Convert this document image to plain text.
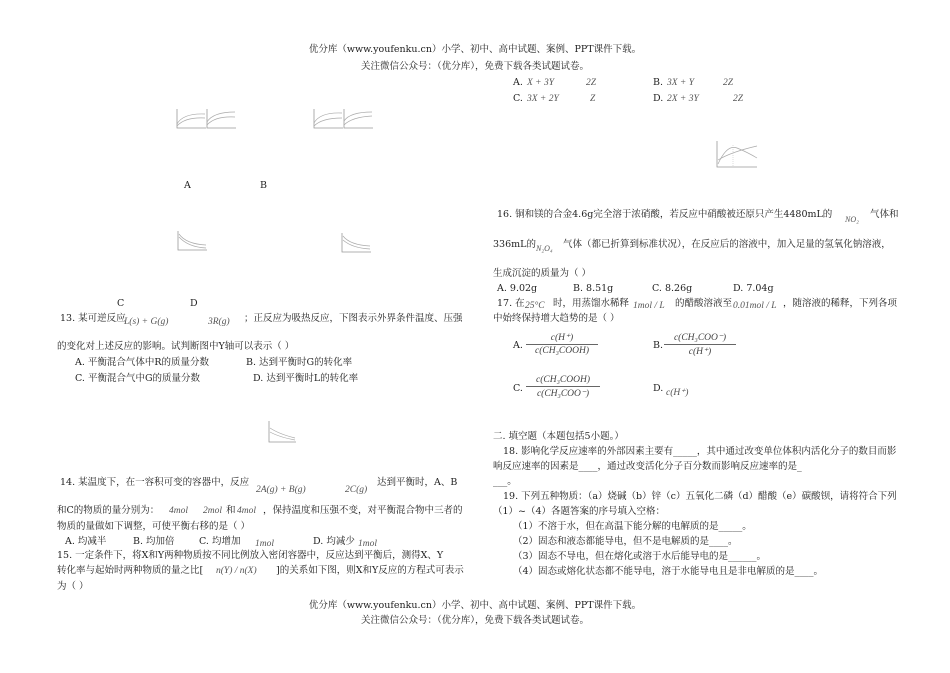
优分库（www.youfenku.cn）小学、初中、高中试题、案例、PPT课件下载。
关注微信公众号：（优分库），免费下载各类试题试卷。
A	B
C	D
13. 某可逆反应
L(s) + G(g)	3R(g) ；正反应为吸热反应，下图表示外界条件温度、压强
的变化对上述反应的影响。试判断图中Y轴可以表示（ ）
A. 平衡混合气体中R的质量分数	B. 达到平衡时G的转化率
C. 平衡混合气中G的质量分数	D. 达到平衡时L的转化率
14. 某温度下，在一容积可变的容器中，反应
2A(g) + B(g)	2C(g)
达到平衡时，A、B
和C的物质的量分别为： 4mol 2mol 和 4mol ，保持温度和压强不变，对平衡混合物中三者的
物质的量做如下调整，可使平衡右移的是（ ）
A. 均减半	B. 均加倍	C. 均增加 1mol	D. 均减少 1mol
15. 一定条件下，将X和Y两种物质按不同比例放入密闭容器中，反应达到平衡后，测得X、Y
转化率与起始时两种物质的量之比[ n(Y) / n(X) ]的关系如下图，则X和Y反应的方程式可表示
为（ ）
A. X + 3Y	2Z	B. 3X + Y	2Z
C. 3X + 2Y	Z	D. 2X + 3Y	2Z
16. 铜和镁的合金4.6g完全溶于浓硝酸，若反应中硝酸被还原只产生4480mL的 NO₂ 气体和
336mL的 N₂O₄ 气体（都已折算到标准状况），在反应后的溶液中，加入足量的氢氧化钠溶液，
生成沉淀的质量为（ ）
A. 9.02g	B. 8.51g	C. 8.26g	D. 7.04g
17. 在 25°C 时，用蒸馏水稀释 1mol / L 的醋酸溶液至 0.01mol / L ，随溶液的稀释，下列各项
中始终保持增大趋势的是（ ）
A.
c(H⁺)
c(CH₃COOH)	B.
c(CH₃COO⁻)
c(H⁺)
C.
c(CH₃COOH)
c(CH₃COO⁻)	D. c(H⁺)
二. 填空题（本题包括5小题。）
18. 影响化学反应速率的外部因素主要有_____，其中通过改变单位体积内活化分子的数目而影
响反应速率的因素是____，通过改变活化分子百分数而影响反应速率的是_
___。
19. 下列五种物质：（a）烧碱（b）锌（c）五氧化二磷（d）醋酸（e）碳酸钡，请将符合下列
（1）~（4）各题答案的序号填入空格：
（1）不溶于水，但在高温下能分解的电解质的是_____。
（2）固态和液态都能导电，但不是电解质的是____。
（3）固态不导电，但在熔化或溶于水后能导电的是______。
（4）固态或熔化状态都不能导电，溶于水能导电且是非电解质的是____。
优分库（www.youfenku.cn）小学、初中、高中试题、案例、PPT课件下载。
关注微信公众号：（优分库），免费下载各类试题试卷。
